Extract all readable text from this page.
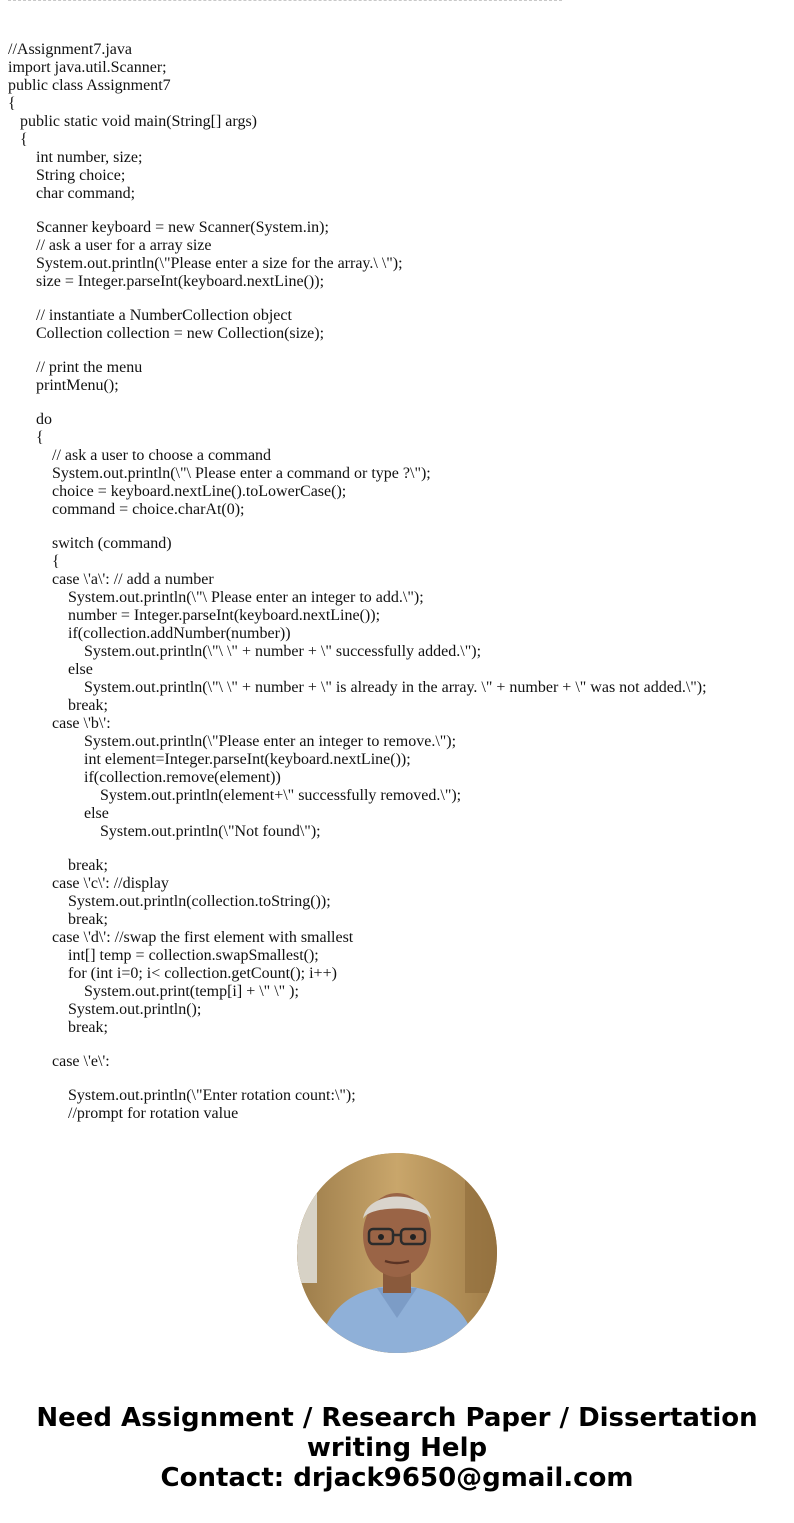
//Assignment7.java
import java.util.Scanner;
public class Assignment7
{
public static void main(String[] args)
{
int number, size;
String choice;
char command;
Scanner keyboard = new Scanner(System.in);
// ask a user for a array size
System.out.println(\"Please enter a size for the array.\ \");
size = Integer.parseInt(keyboard.nextLine());
// instantiate a NumberCollection object
Collection collection = new Collection(size);
// print the menu
printMenu();
do
{
// ask a user to choose a command
System.out.println(\"\ Please enter a command or type ?\");
choice = keyboard.nextLine().toLowerCase();
command = choice.charAt(0);
switch (command)
{
case \'a\': // add a number
System.out.println(\"\ Please enter an integer to add.\");
number = Integer.parseInt(keyboard.nextLine());
if(collection.addNumber(number))
System.out.println(\"\ \" + number + \" successfully added.\");
else
System.out.println(\"\ \" + number + \" is already in the array. \" + number + \" was not added.\");
break;
case \'b\':
System.out.println(\"Please enter an integer to remove.\");
int element=Integer.parseInt(keyboard.nextLine());
if(collection.remove(element))
System.out.println(element+\" successfully removed.\");
else
System.out.println(\"Not found\");
break;
case \'c\': //display
System.out.println(collection.toString());
break;
case \'d\': //swap the first element with smallest
int[] temp = collection.swapSmallest();
for (int i=0; i< collection.getCount(); i++)
System.out.print(temp[i] + \" \" );
System.out.println();
break;
case \'e\':
System.out.println(\"Enter rotation count:\");
//prompt for rotation value
Need Assignment / Research Paper / Dissertation
writing Help
Contact: drjack9650@gmail.com
